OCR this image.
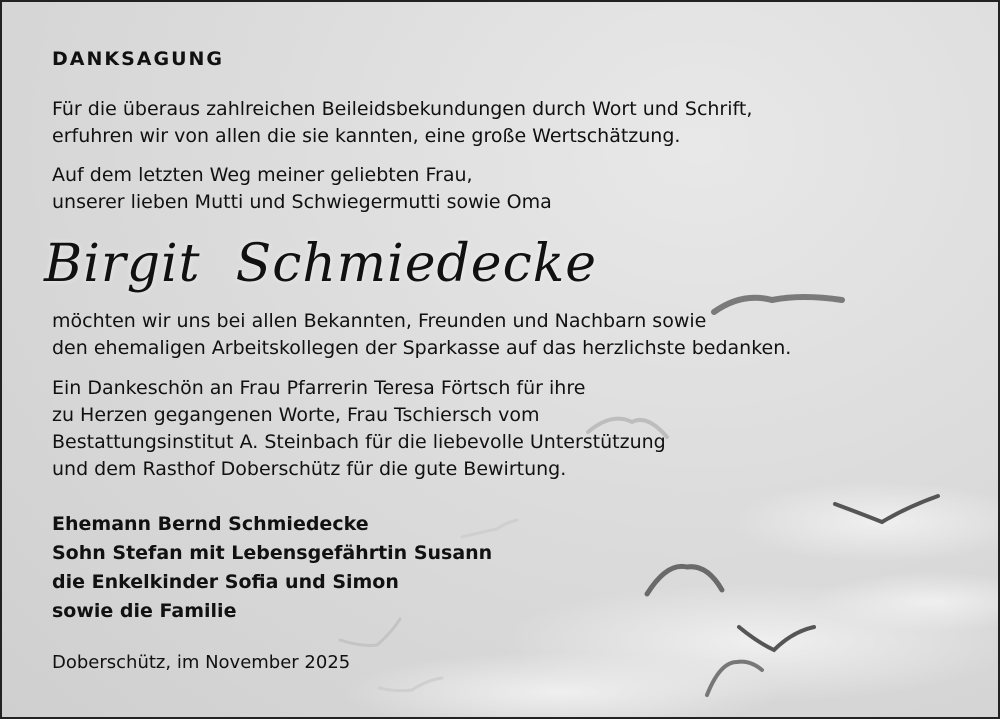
DANKSAGUNG
Für die überaus zahlreichen Beileidsbekundungen durch Wort und Schrift,
erfuhren wir von allen die sie kannten, eine große Wertschätzung.
Auf dem letzten Weg meiner geliebten Frau,
unserer lieben Mutti und Schwiegermutti sowie Oma
Birgit  Schmiedecke
möchten wir uns bei allen Bekannten, Freunden und Nachbarn sowie
den ehemaligen Arbeitskollegen der Sparkasse auf das herzlichste bedanken.
Ein Dankeschön an Frau Pfarrerin Teresa Förtsch für ihre
zu Herzen gegangenen Worte, Frau Tschiersch vom
Bestattungsinstitut A. Steinbach für die liebevolle Unterstützung
und dem Rasthof Doberschütz für die gute Bewirtung.
Ehemann Bernd Schmiedecke
Sohn Stefan mit Lebensgefährtin Susann
die Enkelkinder Sofia und Simon
sowie die Familie
Doberschütz, im November 2025
